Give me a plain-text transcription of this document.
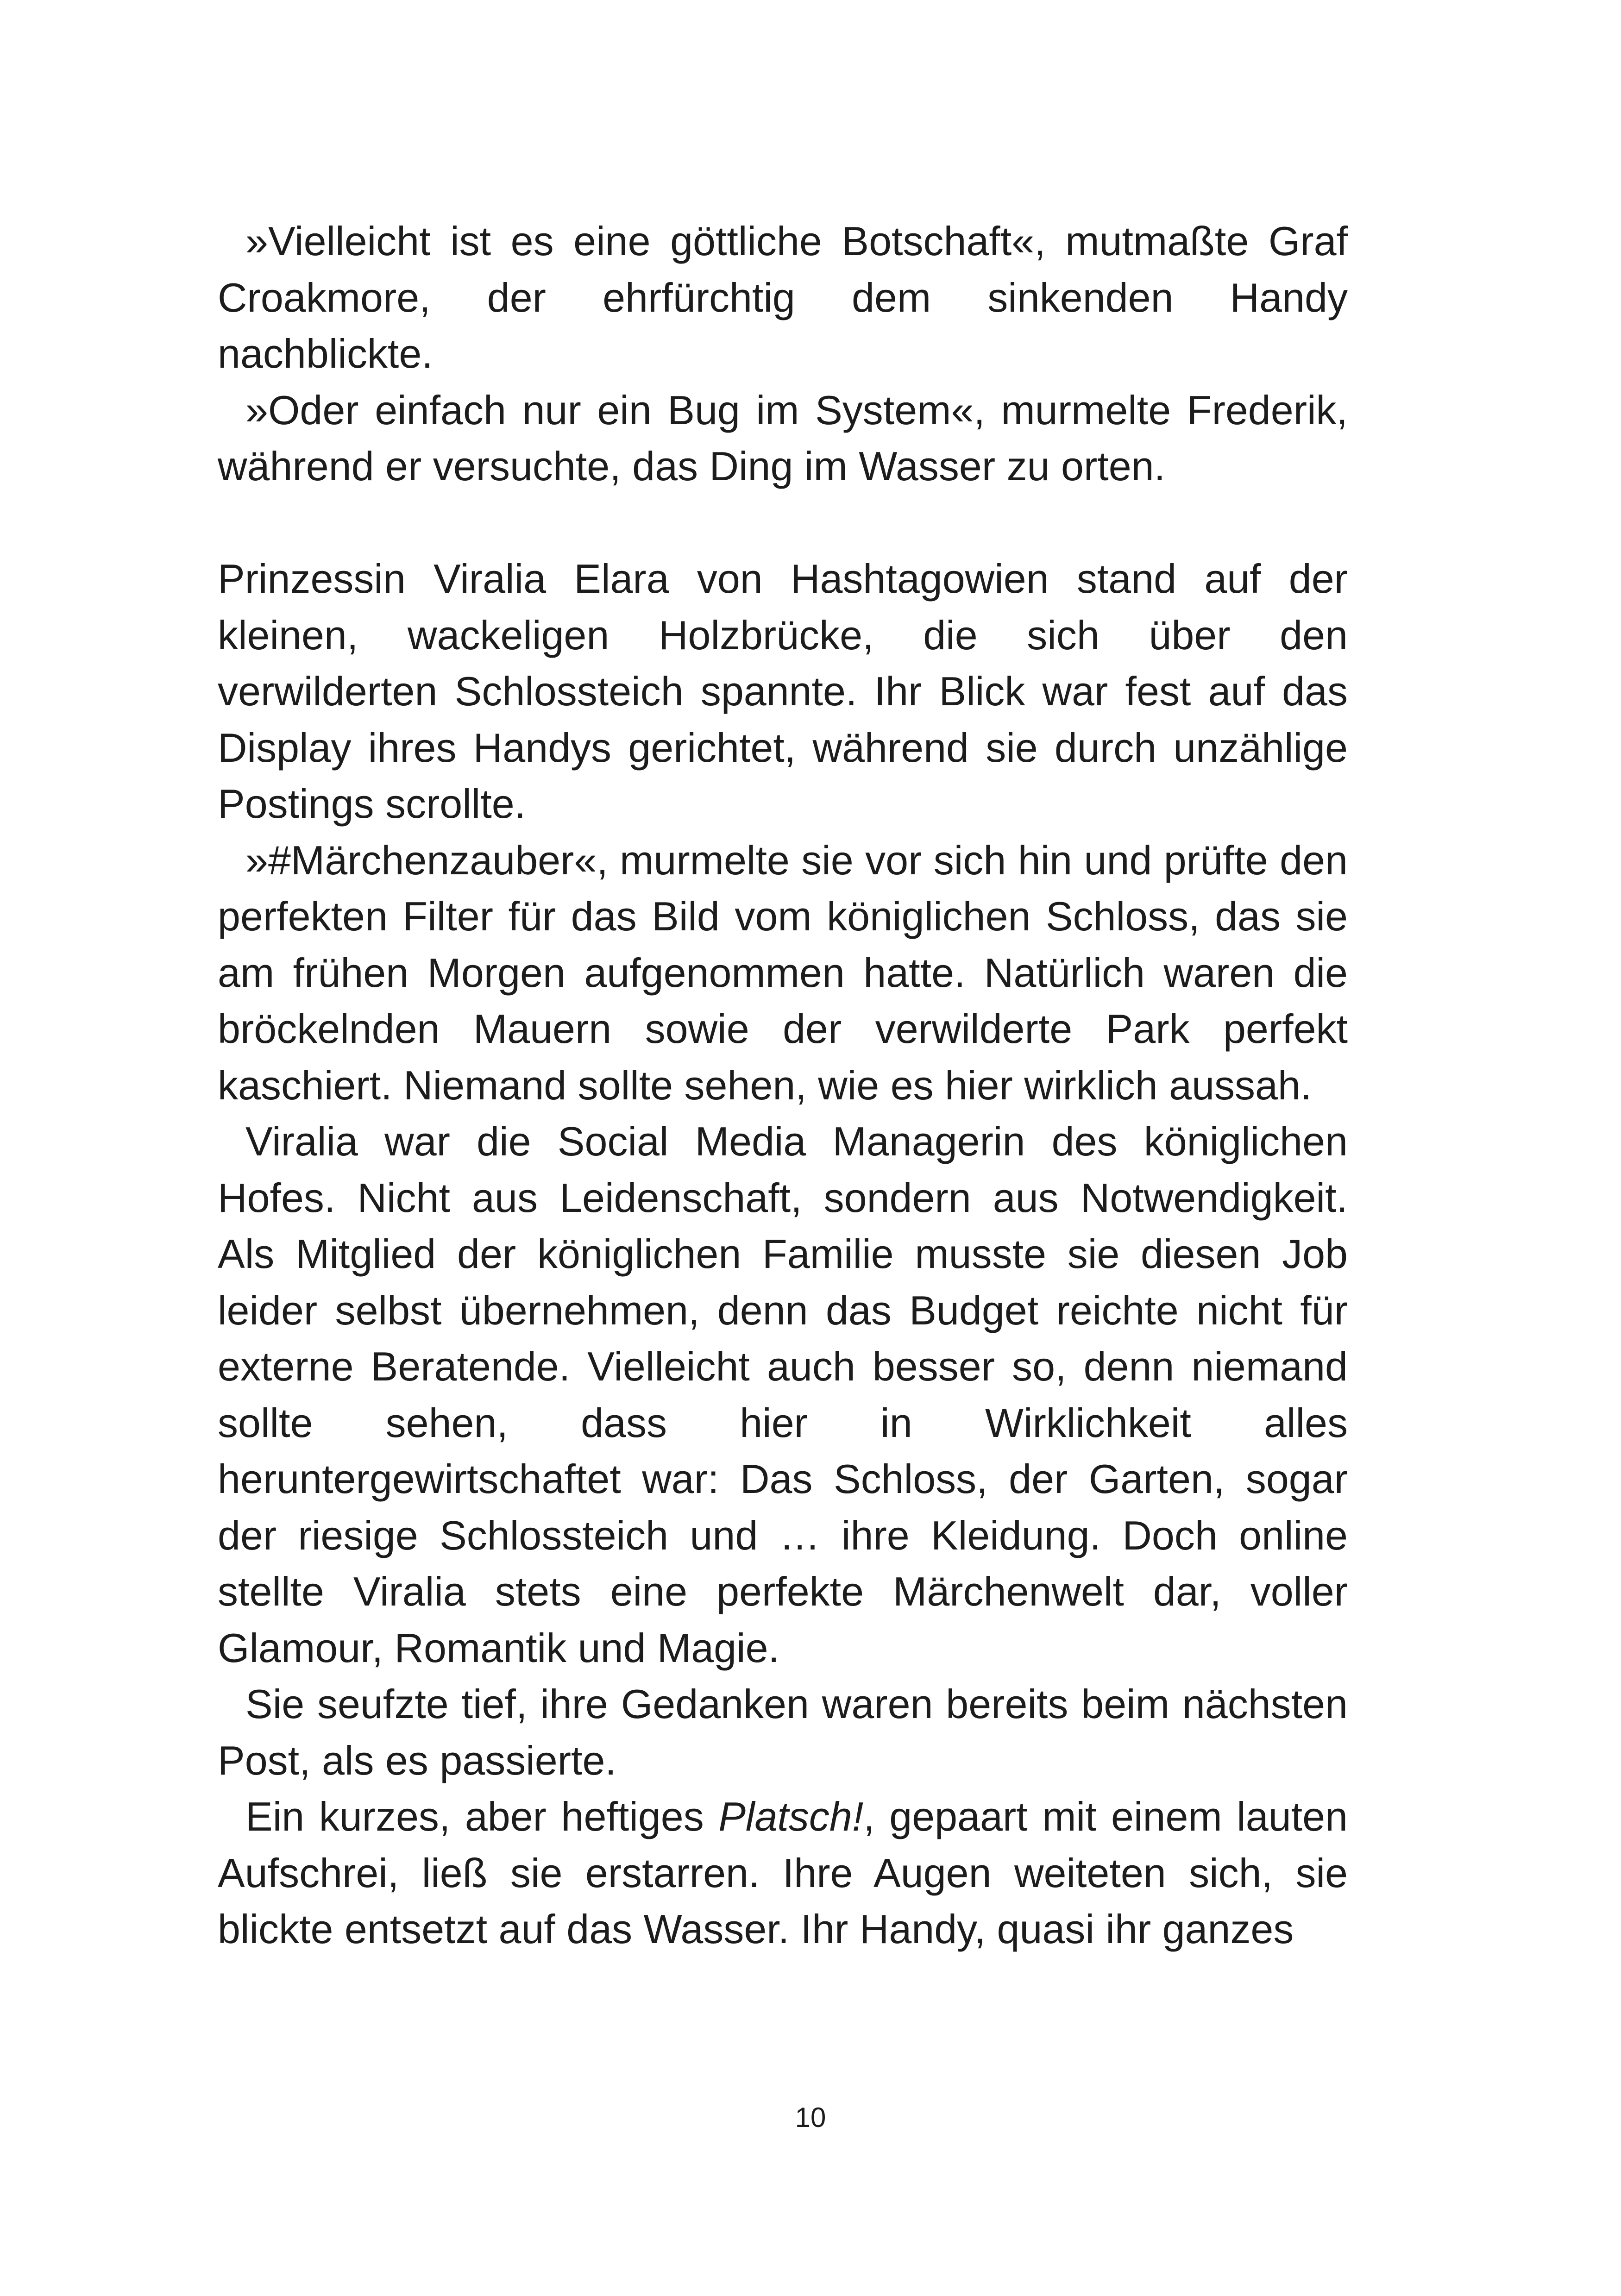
»Vielleicht ist es eine göttliche Botschaft«, mutmaßte Graf Croakmore, der ehrfürchtig dem sinkenden Handy nachblickte.

»Oder einfach nur ein Bug im System«, murmelte Frederik, während er versuchte, das Ding im Wasser zu orten.

Prinzessin Viralia Elara von Hashtagowien stand auf der kleinen, wackeligen Holzbrücke, die sich über den verwilderten Schlossteich spannte. Ihr Blick war fest auf das Display ihres Handys gerichtet, während sie durch unzählige Postings scrollte.

»#Märchenzauber«, murmelte sie vor sich hin und prüfte den perfekten Filter für das Bild vom königlichen Schloss, das sie am frühen Morgen aufgenommen hatte. Natürlich waren die bröckelnden Mauern sowie der verwilderte Park perfekt kaschiert. Niemand sollte sehen, wie es hier wirklich aussah.

Viralia war die Social Media Managerin des königlichen Hofes. Nicht aus Leidenschaft, sondern aus Notwendigkeit. Als Mitglied der königlichen Familie musste sie diesen Job leider selbst übernehmen, denn das Budget reichte nicht für externe Beratende. Vielleicht auch besser so, denn niemand sollte sehen, dass hier in Wirklichkeit alles heruntergewirtschaftet war: Das Schloss, der Garten, sogar der riesige Schlossteich und … ihre Kleidung. Doch online stellte Viralia stets eine perfekte Märchenwelt dar, voller Glamour, Romantik und Magie.

Sie seufzte tief, ihre Gedanken waren bereits beim nächsten Post, als es passierte.

Ein kurzes, aber heftiges Platsch!, gepaart mit einem lauten Aufschrei, ließ sie erstarren. Ihre Augen weiteten sich, sie blickte entsetzt auf das Wasser. Ihr Handy, quasi ihr ganzes

10
